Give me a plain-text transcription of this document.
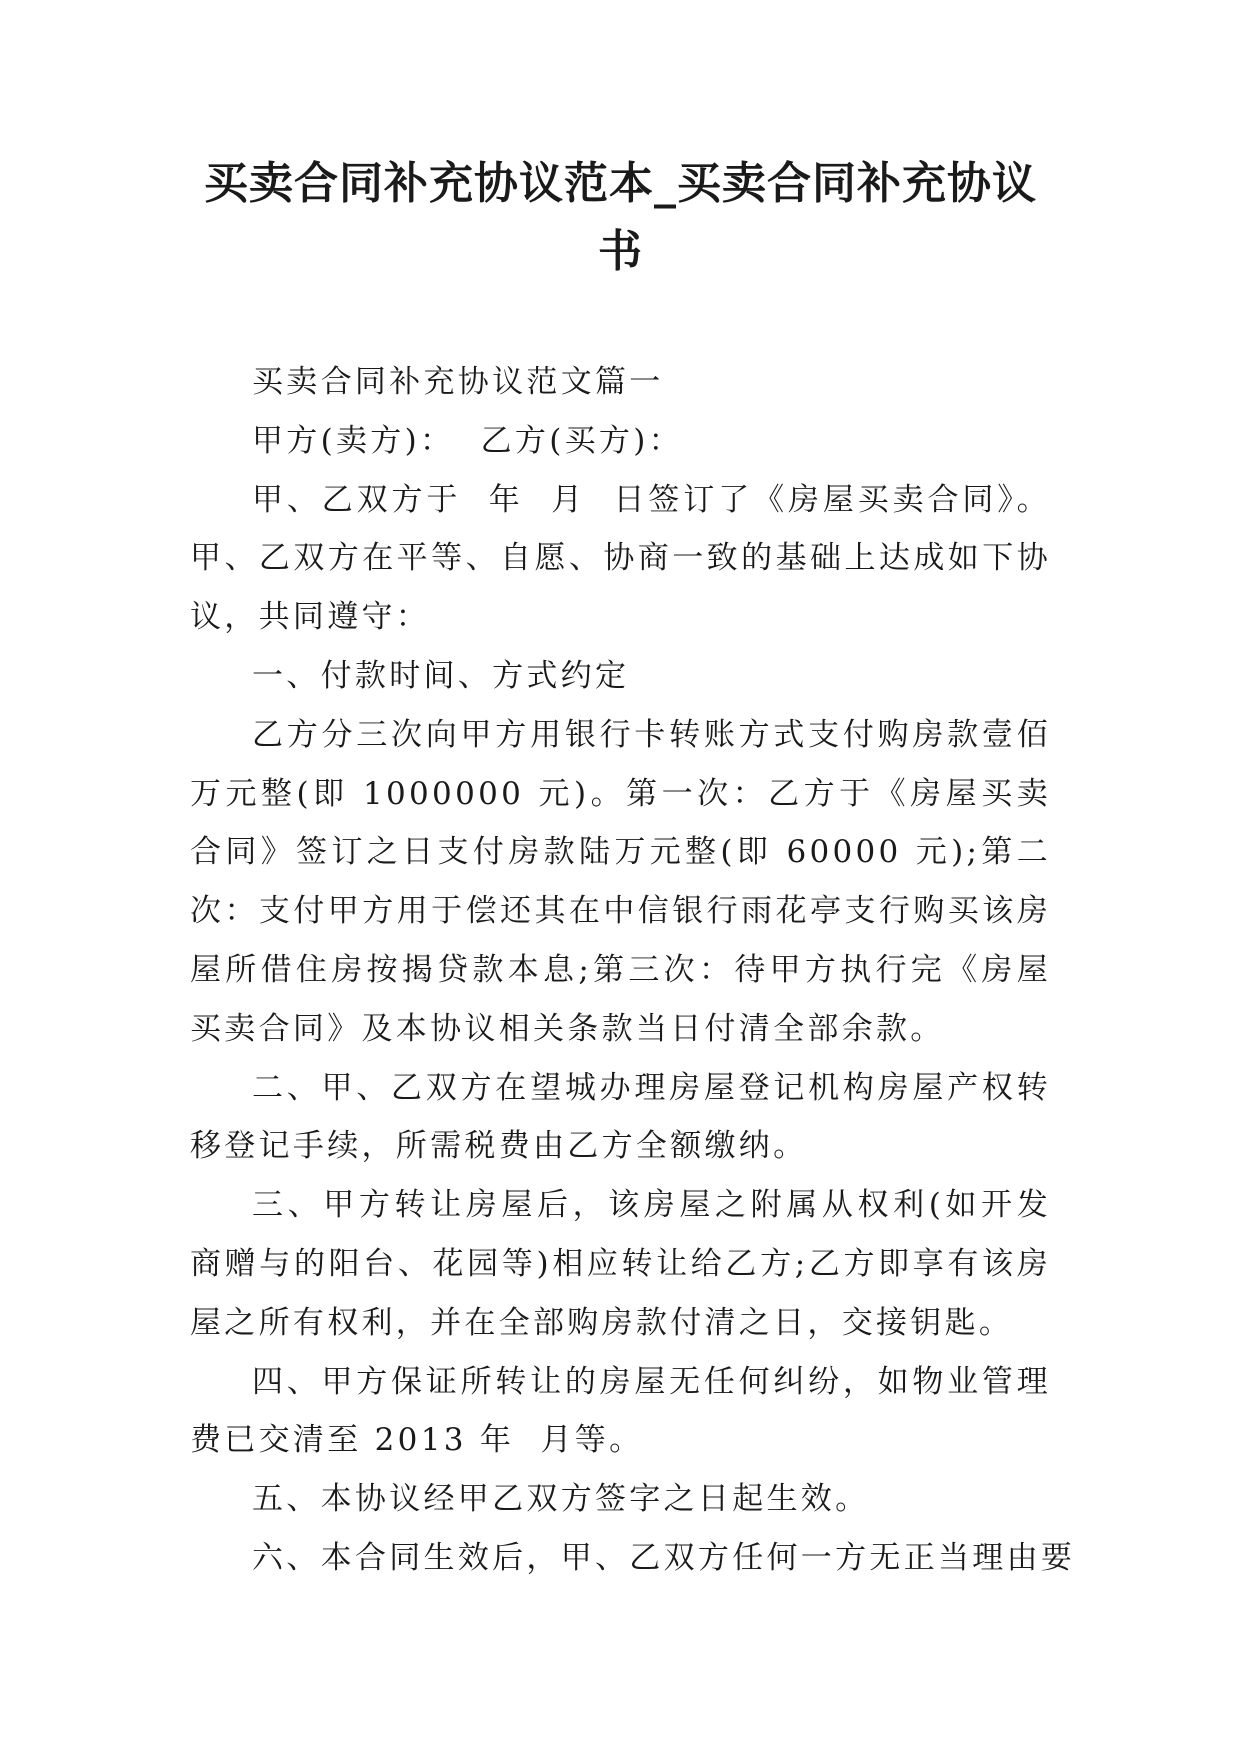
买卖合同补充协议范本_买卖合同补充协议书

买卖合同补充协议范文篇一

甲方(卖方)：  乙方(买方)：

甲、乙双方于  年  月  日签订了《房屋买卖合同》。甲、乙双方在平等、自愿、协商一致的基础上达成如下协议，共同遵守：

一、付款时间、方式约定

乙方分三次向甲方用银行卡转账方式支付购房款壹佰万元整(即 1000000 元)。第一次：乙方于《房屋买卖合同》签订之日支付房款陆万元整(即 60000 元);第二次：支付甲方用于偿还其在中信银行雨花亭支行购买该房屋所借住房按揭贷款本息;第三次：待甲方执行完《房屋买卖合同》及本协议相关条款当日付清全部余款。

二、甲、乙双方在望城办理房屋登记机构房屋产权转移登记手续，所需税费由乙方全额缴纳。

三、甲方转让房屋后，该房屋之附属从权利(如开发商赠与的阳台、花园等)相应转让给乙方;乙方即享有该房屋之所有权利，并在全部购房款付清之日，交接钥匙。

四、甲方保证所转让的房屋无任何纠纷，如物业管理费已交清至 2013 年  月等。

五、本协议经甲乙双方签字之日起生效。

六、本合同生效后，甲、乙双方任何一方无正当理由要
